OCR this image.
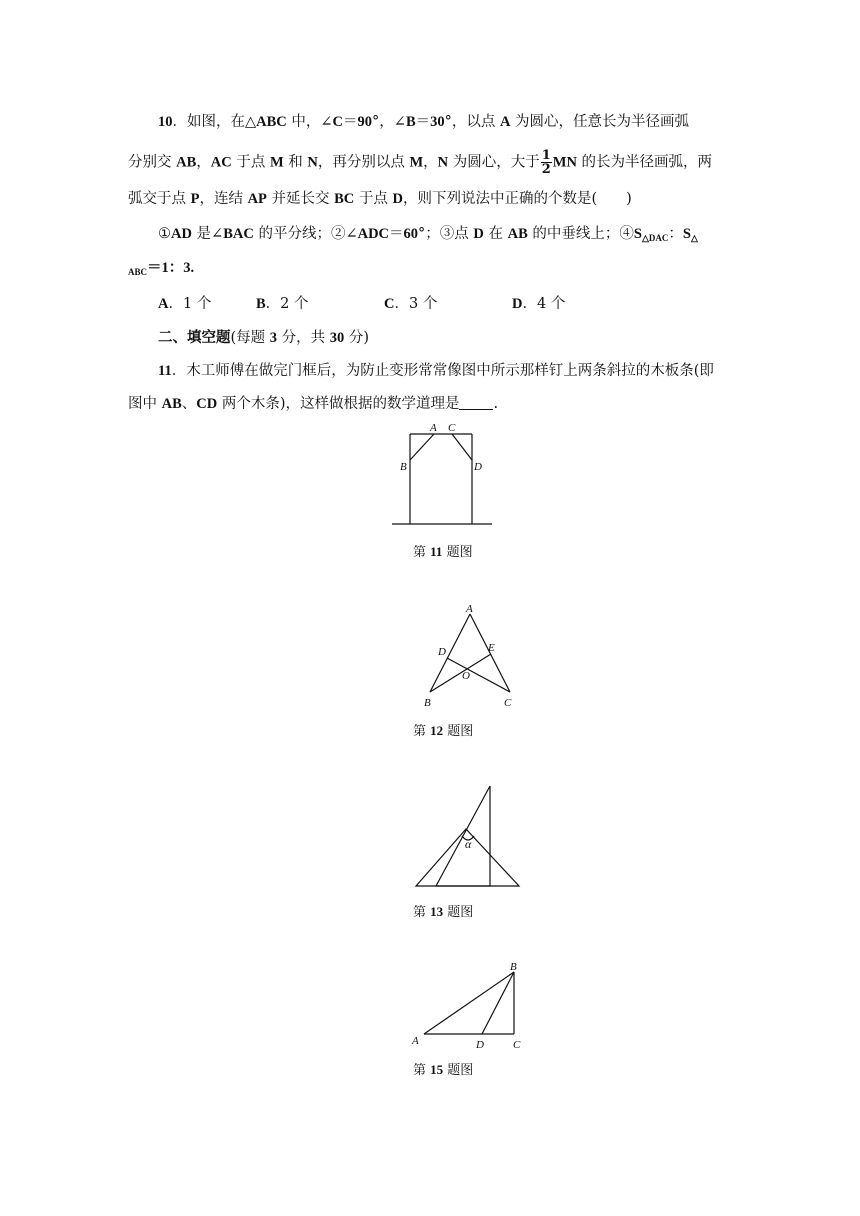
10．如图，在△ABC 中，∠C＝90°，∠B＝30°，以点 A 为圆心，任意长为半径画弧
分别交 AB，AC 于点 M 和 N，再分别以点 M，N 为圆心，大于 $\frac{1}{2}$ MN 的长为半径画弧，两
弧交于点 P，连结 AP 并延长交 BC 于点 D，则下列说法中正确的个数是(　　)
①AD 是∠BAC 的平分线；②∠ADC＝60°；③点 D 在 AB 的中垂线上；$④S_{\triangle DAC}$：$S_\triangle$
$_{ABC}$＝1：3.
A．1 个	B．2 个	C．3 个	D．4 个
二、填空题(每题 3 分，共 30 分)
11．木工师傅在做完门框后，为防止变形常常像图中所示那样钉上两条斜拉的木板条(即
图中 AB、CD 两个木条)，这样做根据的数学道理是 .
A C
B	D
第 11 题图
A
D	E
O
B	C
第 12 题图
α
第 13 题图
B
A	D	C
第 15 题图
